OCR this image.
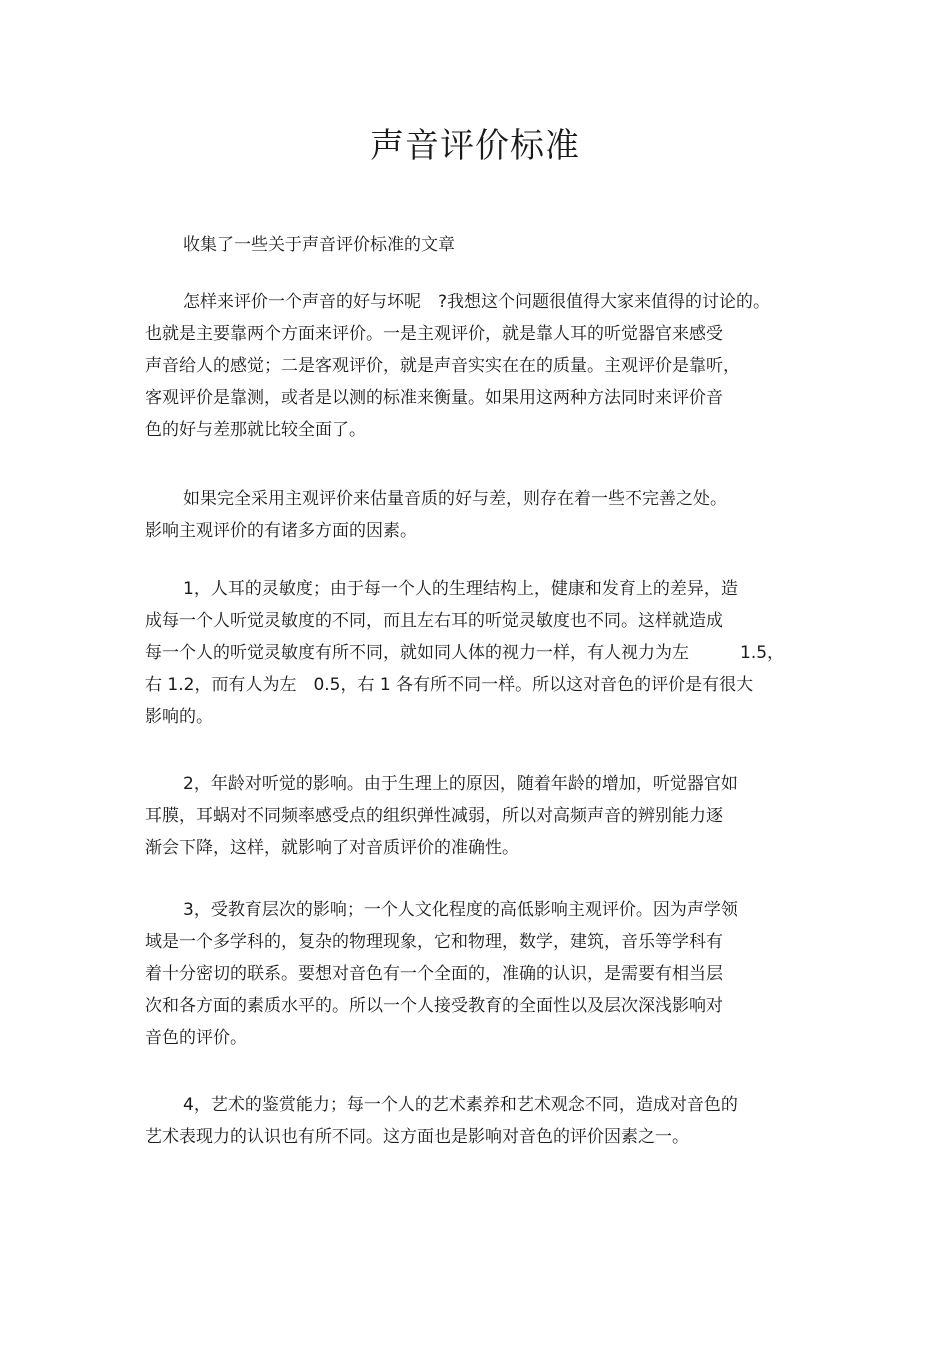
声音评价标准
收集了一些关于声音评价标准的文章
怎样来评价一个声音的好与坏呢　?我想这个问题很值得大家来值得的讨论的。
也就是主要靠两个方面来评价。一是主观评价，就是靠人耳的听觉器官来感受
声音给人的感觉；二是客观评价，就是声音实实在在的质量。主观评价是靠听，
客观评价是靠测，或者是以测的标准来衡量。如果用这两种方法同时来评价音
色的好与差那就比较全面了。
如果完全采用主观评价来估量音质的好与差，则存在着一些不完善之处。
影响主观评价的有诸多方面的因素。
1，人耳的灵敏度；由于每一个人的生理结构上，健康和发育上的差异，造
成每一个人听觉灵敏度的不同，而且左右耳的听觉灵敏度也不同。这样就造成
每一个人的听觉灵敏度有所不同，就如同人体的视力一样，有人视力为左　　　1.5，
右 1.2，而有人为左　0.5，右 1 各有所不同一样。所以这对音色的评价是有很大
影响的。
2，年龄对听觉的影响。由于生理上的原因，随着年龄的增加，听觉器官如
耳膜，耳蜗对不同频率感受点的组织弹性减弱，所以对高频声音的辨别能力逐
渐会下降，这样，就影响了对音质评价的准确性。
3，受教育层次的影响；一个人文化程度的高低影响主观评价。因为声学领
域是一个多学科的，复杂的物理现象，它和物理，数学，建筑，音乐等学科有
着十分密切的联系。要想对音色有一个全面的，准确的认识，是需要有相当层
次和各方面的素质水平的。所以一个人接受教育的全面性以及层次深浅影响对
音色的评价。
4，艺术的鉴赏能力；每一个人的艺术素养和艺术观念不同，造成对音色的
艺术表现力的认识也有所不同。这方面也是影响对音色的评价因素之一。
